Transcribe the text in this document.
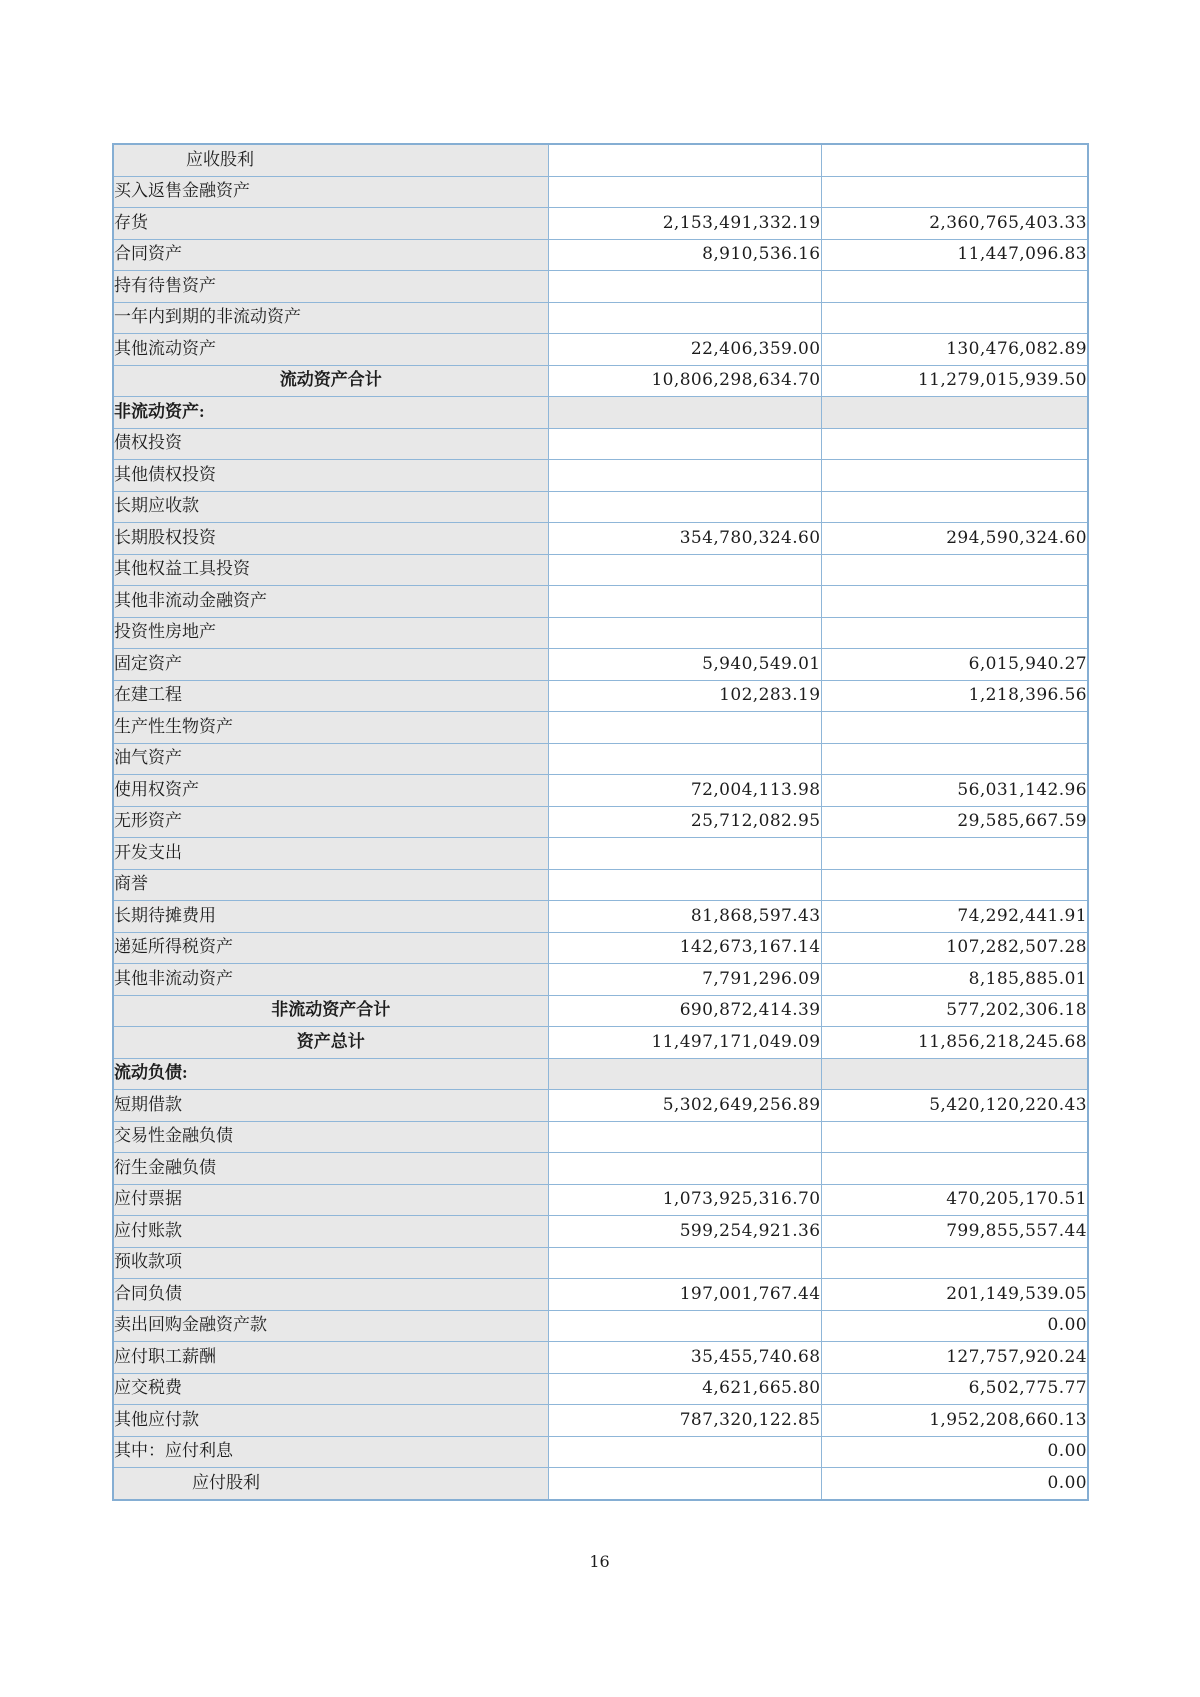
应收股利		
买入返售金融资产		
存货	2,153,491,332.19	2,360,765,403.33
合同资产	8,910,536.16	11,447,096.83
持有待售资产		
一年内到期的非流动资产		
其他流动资产	22,406,359.00	130,476,082.89
流动资产合计	10,806,298,634.70	11,279,015,939.50
非流动资产:		
债权投资		
其他债权投资		
长期应收款		
长期股权投资	354,780,324.60	294,590,324.60
其他权益工具投资		
其他非流动金融资产		
投资性房地产		
固定资产	5,940,549.01	6,015,940.27
在建工程	102,283.19	1,218,396.56
生产性生物资产		
油气资产		
使用权资产	72,004,113.98	56,031,142.96
无形资产	25,712,082.95	29,585,667.59
开发支出		
商誉		
长期待摊费用	81,868,597.43	74,292,441.91
递延所得税资产	142,673,167.14	107,282,507.28
其他非流动资产	7,791,296.09	8,185,885.01
非流动资产合计	690,872,414.39	577,202,306.18
资产总计	11,497,171,049.09	11,856,218,245.68
流动负债:		
短期借款	5,302,649,256.89	5,420,120,220.43
交易性金融负债		
衍生金融负债		
应付票据	1,073,925,316.70	470,205,170.51
应付账款	599,254,921.36	799,855,557.44
预收款项		
合同负债	197,001,767.44	201,149,539.05
卖出回购金融资产款		0.00
应付职工薪酬	35,455,740.68	127,757,920.24
应交税费	4,621,665.80	6,502,775.77
其他应付款	787,320,122.85	1,952,208,660.13
其中：应付利息		0.00
应付股利		0.00
16
